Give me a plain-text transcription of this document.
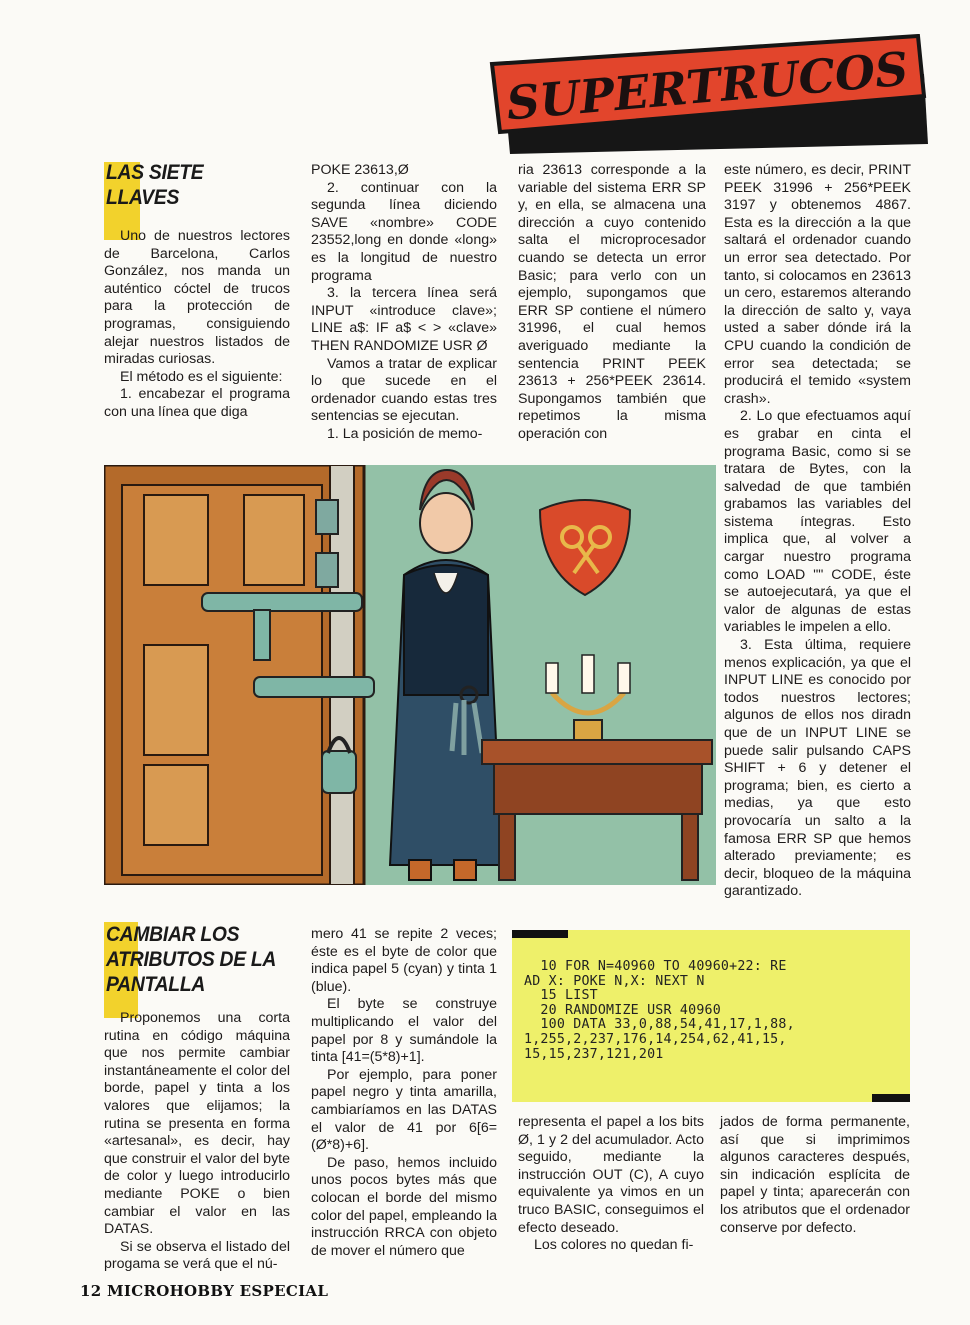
SUPERTRUCOS
LAS SIETE
LLAVES

Uno de nuestros lectores de Barcelona, Carlos González, nos manda un auténtico cóctel de trucos para la protección de programas, consiguiendo alejar nuestros listados de miradas curiosas.

El método es el siguiente:

1. encabezar el programa con una línea que diga

POKE 23613,Ø

2. continuar con la segunda línea diciendo SAVE «nombre» CODE 23552,long en donde «long» es la longitud de nuestro programa

3. la tercera línea será INPUT «introduce clave»; LINE a$: IF a$ < > «clave» THEN RANDOMIZE USR Ø

Vamos a tratar de explicar lo que sucede en el ordenador cuando estas tres sentencias se ejecutan.

1. La posición de memo-

ria 23613 corresponde a la variable del sistema ERR SP y, en ella, se almacena una dirección a cuyo contenido salta el microprocesador cuando se detecta un error Basic; para verlo con un ejemplo, supongamos que ERR SP contiene el número 31996, el cual hemos averiguado mediante la sentencia PRINT PEEK 23613 + 256*PEEK 23614. Supongamos también que repetimos la misma operación con

este número, es decir, PRINT PEEK 31996 + 256*PEEK 3197 y obtenemos 4867. Esta es la dirección a la que saltará el ordenador cuando un error sea detectado. Por tanto, si colocamos en 23613 un cero, estaremos alterando la dirección de salto y, vaya usted a saber dónde irá la CPU cuando la condición de error sea detectada; se producirá el temido «system crash».

2. Lo que efectuamos aquí es grabar en cinta el programa Basic, como si se tratara de Bytes, con la salvedad de que también grabamos las variables del sistema íntegras. Esto implica que, al volver a cargar nuestro programa como LOAD "" CODE, éste se autoejecutará, ya que el valor de algunas de estas variables le impelen a ello.

3. Esta última, requiere menos explicación, ya que el INPUT LINE es conocido por todos nuestros lectores; algunos de ellos nos diradn que de un INPUT LINE se puede salir pulsando CAPS SHIFT + 6 y detener el programa; bien, es cierto a medias, ya que esto provocaría un salto a la famosa ERR SP que hemos alterado previamente; es decir, bloqueo de la máquina garantizado.

CAMBIAR LOS
ATRIBUTOS DE LA
PANTALLA

Proponemos una corta rutina en código máquina que nos permite cambiar instantáneamente el color del borde, papel y tinta a los valores que elijamos; la rutina se presenta en forma «artesanal», es decir, hay que construir el valor del byte de color y luego introducirlo mediante POKE o bien cambiar el valor en las DATAS.

Si se observa el listado del progama se verá que el nú-

mero 41 se repite 2 veces; éste es el byte de color que indica papel 5 (cyan) y tinta 1 (blue).

El byte se construye multiplicando el valor del papel por 8 y sumándole la tinta [41=(5*8)+1].

Por ejemplo, para poner papel negro y tinta amarilla, cambiaríamos en las DATAS el valor de 41 por 6[6=(Ø*8)+6].

De paso, hemos incluido unos pocos bytes más que colocan el borde del mismo color del papel, empleando la instrucción RRCA con objeto de mover el número que

10 FOR N=40960 TO 40960+22: RE
AD X: POKE N,X: NEXT N
15 LIST
20 RANDOMIZE USR 40960
100 DATA 33,0,88,54,41,17,1,88,
1,255,2,237,176,14,254,62,41,15,
15,15,237,121,201

representa el papel a los bits Ø, 1 y 2 del acumulador. Acto seguido, mediante la instrucción OUT (C), A cuyo equivalente ya vimos en un truco BASIC, conseguimos el efecto deseado.

Los colores no quedan fi-

jados de forma permanente, así que si imprimimos algunos caracteres después, sin indicación esplícita de papel y tinta; aparecerán con los atributos que el ordenador conserve por defecto.

12 MICROHOBBY ESPECIAL
